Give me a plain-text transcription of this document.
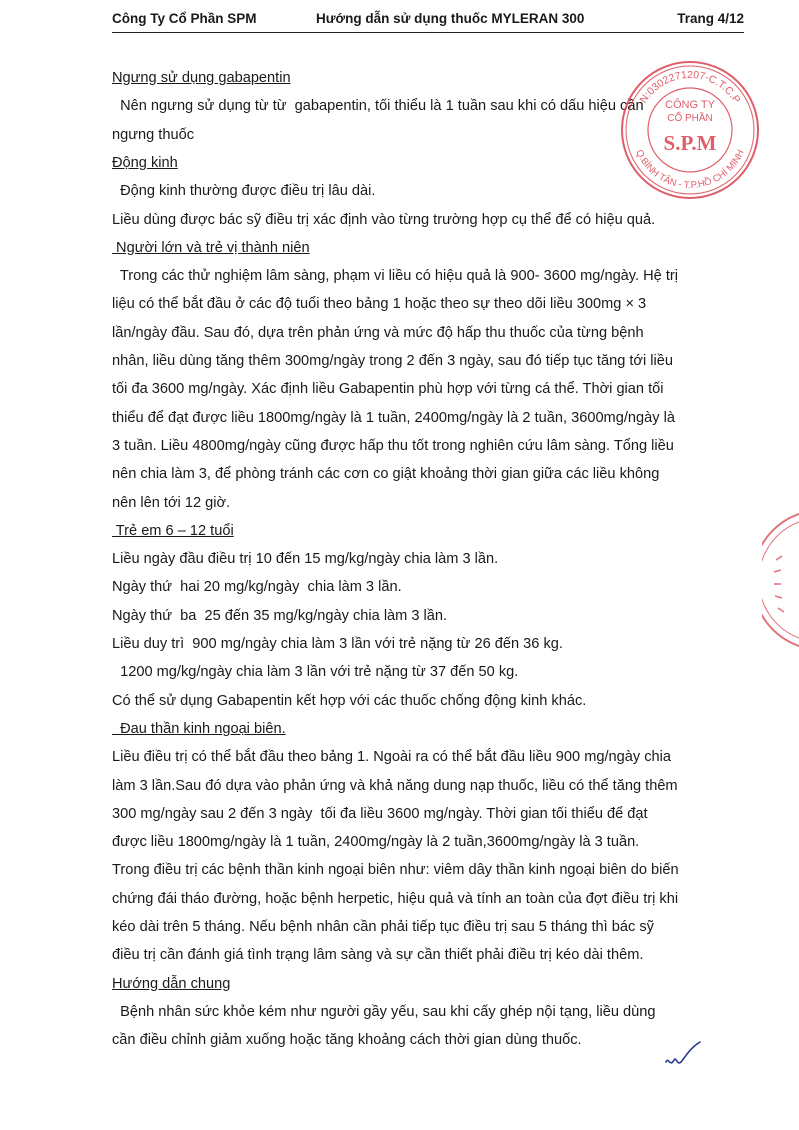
Công Ty Cổ Phần SPM	Hướng dẫn sử dụng thuốc MYLERAN 300	Trang 4/12
Ngưng sử dụng gabapentin
Nên ngưng sử dụng từ từ  gabapentin, tối thiểu là 1 tuần sau khi có dấu hiệu cần
ngưng thuốc
Động kinh
Động kinh thường được điều trị lâu dài.
Liều dùng được bác sỹ điều trị xác định vào từng trường hợp cụ thể để có hiệu quả.
Người lớn và trẻ vị thành niên
Trong các thử nghiệm lâm sàng, phạm vi liều có hiệu quả là 900- 3600 mg/ngày. Hệ trị
liệu có thể bắt đầu ở các độ tuổi theo bảng 1 hoặc theo sự theo dõi liều 300mg × 3
lần/ngày đầu. Sau đó, dựa trên phản ứng và mức độ hấp thu thuốc của từng bệnh
nhân, liều dùng tăng thêm 300mg/ngày trong 2 đến 3 ngày, sau đó tiếp tục tăng tới liều
tối đa 3600 mg/ngày. Xác định liều Gabapentin phù hợp với từng cá thể. Thời gian tối
thiểu để đạt được liều 1800mg/ngày là 1 tuần, 2400mg/ngày là 2 tuần, 3600mg/ngày là
3 tuần. Liều 4800mg/ngày cũng được hấp thu tốt trong nghiên cứu lâm sàng. Tổng liều
nên chia làm 3, để phòng tránh các cơn co giật khoảng thời gian giữa các liều không
nên lên tới 12 giờ.
Trẻ em 6 – 12 tuổi
Liều ngày đầu điều trị 10 đến 15 mg/kg/ngày chia làm 3 lần.
Ngày thứ  hai 20 mg/kg/ngày  chia làm 3 lần.
Ngày thứ  ba  25 đến 35 mg/kg/ngày chia làm 3 lần.
Liều duy trì  900 mg/ngày chia làm 3 lần với trẻ nặng từ 26 đến 36 kg.
1200 mg/kg/ngày chia làm 3 lần với trẻ nặng từ 37 đến 50 kg.
Có thể sử dụng Gabapentin kết hợp với các thuốc chống động kinh khác.
Đau thần kinh ngoại biên.
Liều điều trị có thể bắt đầu theo bảng 1. Ngoài ra có thể bắt đầu liều 900 mg/ngày chia
làm 3 lần.Sau đó dựa vào phản ứng và khả năng dung nạp thuốc, liều có thể tăng thêm
300 mg/ngày sau 2 đến 3 ngày  tối đa liều 3600 mg/ngày. Thời gian tối thiểu để đạt
được liều 1800mg/ngày là 1 tuần, 2400mg/ngày là 2 tuần,3600mg/ngày là 3 tuần.
Trong điều trị các bệnh thần kinh ngoại biên như: viêm dây thần kinh ngoại biên do biến
chứng đái tháo đường, hoặc bệnh herpetic, hiệu quả và tính an toàn của đợt điều trị khi
kéo dài trên 5 tháng. Nếu bệnh nhân cần phải tiếp tục điều trị sau 5 tháng thì bác sỹ
điều trị cần đánh giá tình trạng lâm sàng và sự cần thiết phải điều trị kéo dài thêm.
Hướng dẫn chung
Bệnh nhân sức khỏe kém như người gầy yếu, sau khi cấy ghép nội tạng, liều dùng
cần điều chỉnh giảm xuống hoặc tăng khoảng cách thời gian dùng thuốc.
N:0302271207-C.T.C.P
Q.BÌNH TÂN - T.P.HỒ CHÍ MINH
CÔNG TY
CỔ PHẦN
S.P.M
